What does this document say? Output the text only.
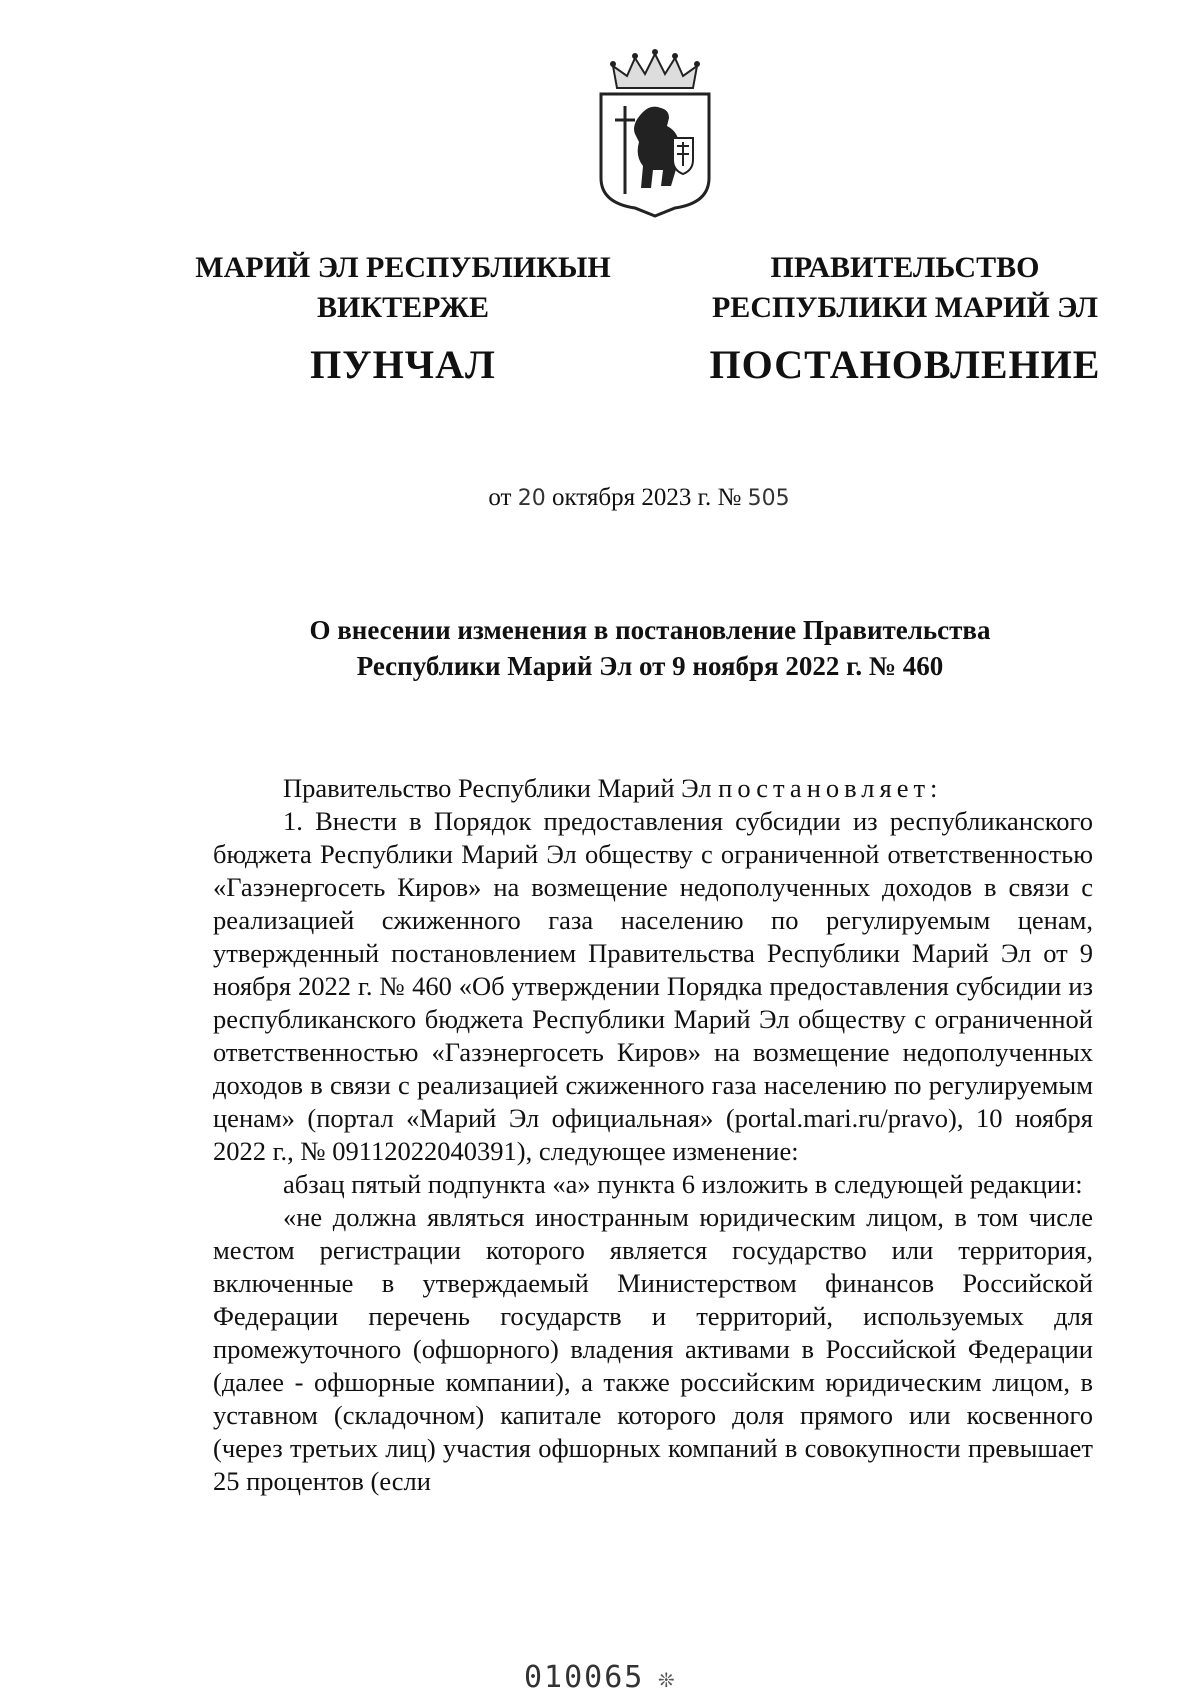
МАРИЙ ЭЛ РЕСПУБЛИКЫН
ВИКТЕРЖЕ
ПУНЧАЛ
ПРАВИТЕЛЬСТВО
РЕСПУБЛИКИ МАРИЙ ЭЛ
ПОСТАНОВЛЕНИЕ
от 20 октября 2023 г. № 505
О внесении изменения в постановление Правительства
Республики Марий Эл от 9 ноября 2022 г. № 460

Правительство Республики Марий Эл постановляет:

1. Внести в Порядок предоставления субсидии из республиканского бюджета Республики Марий Эл обществу с ограниченной ответственностью «Газэнергосеть Киров» на возмещение недополученных доходов в связи с реализацией сжиженного газа населению по регулируемым ценам, утвержденный постановлением Правительства Республики Марий Эл от 9 ноября 2022 г. № 460 «Об утверждении Порядка предоставления субсидии из республиканского бюджета Республики Марий Эл обществу с ограниченной ответственностью «Газэнергосеть Киров» на возмещение недополученных доходов в связи с реализацией сжиженного газа населению по регулируемым ценам» (портал «Марий Эл официальная» (portal.mari.ru/pravo), 10 ноября 2022 г., № 09112022040391), следующее изменение:

абзац пятый подпункта «а» пункта 6 изложить в следующей редакции:

«не должна являться иностранным юридическим лицом, в том числе местом регистрации которого является государство или территория, включенные в утверждаемый Министерством финансов Российской Федерации перечень государств и территорий, используемых для промежуточного (офшорного) владения активами в Российской Федерации (далее - офшорные компании), а также российским юридическим лицом, в уставном (складочном) капитале которого доля прямого или косвенного (через третьих лиц) участия офшорных компаний в совокупности превышает 25 процентов (если

010065 ❊
